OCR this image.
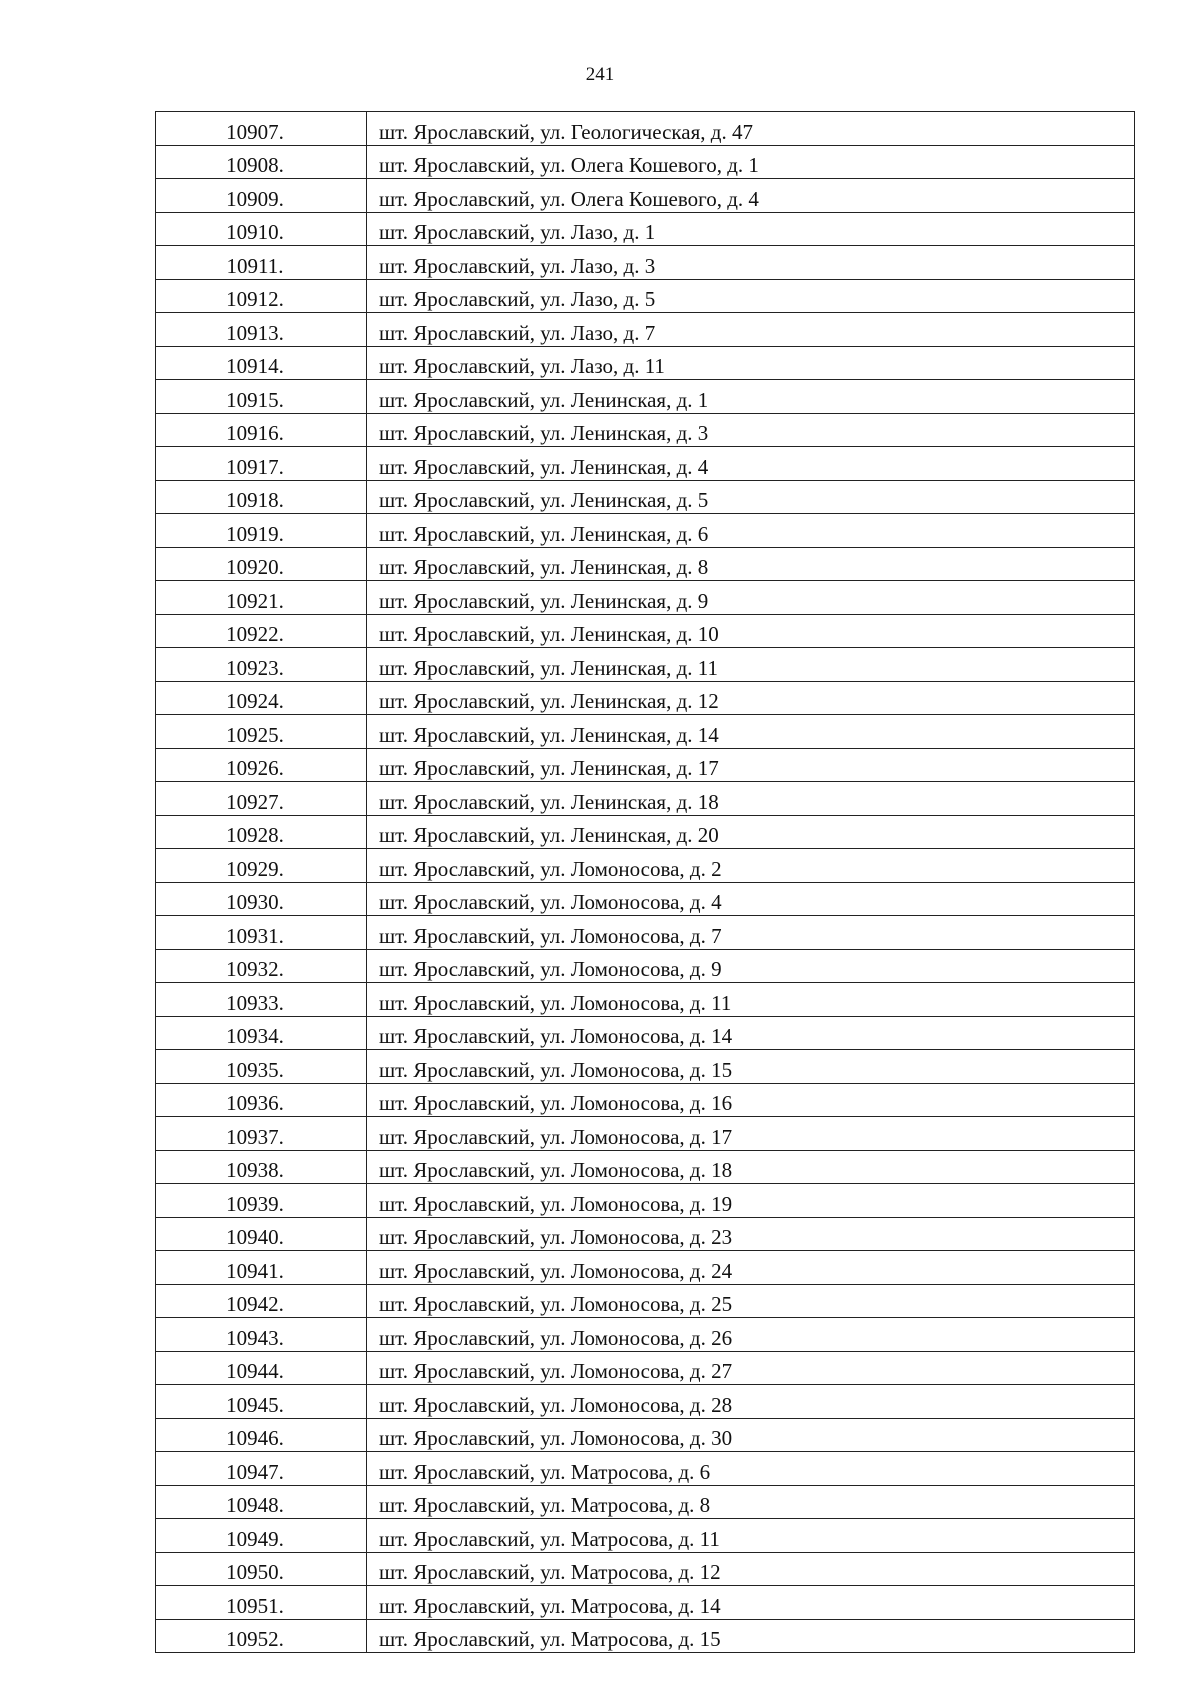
241
10907.	шт. Ярославский, ул. Геологическая, д. 47
10908.	шт. Ярославский, ул. Олега Кошевого, д. 1
10909.	шт. Ярославский, ул. Олега Кошевого, д. 4
10910.	шт. Ярославский, ул. Лазо, д. 1
10911.	шт. Ярославский, ул. Лазо, д. 3
10912.	шт. Ярославский, ул. Лазо, д. 5
10913.	шт. Ярославский, ул. Лазо, д. 7
10914.	шт. Ярославский, ул. Лазо, д. 11
10915.	шт. Ярославский, ул. Ленинская, д. 1
10916.	шт. Ярославский, ул. Ленинская, д. 3
10917.	шт. Ярославский, ул. Ленинская, д. 4
10918.	шт. Ярославский, ул. Ленинская, д. 5
10919.	шт. Ярославский, ул. Ленинская, д. 6
10920.	шт. Ярославский, ул. Ленинская, д. 8
10921.	шт. Ярославский, ул. Ленинская, д. 9
10922.	шт. Ярославский, ул. Ленинская, д. 10
10923.	шт. Ярославский, ул. Ленинская, д. 11
10924.	шт. Ярославский, ул. Ленинская, д. 12
10925.	шт. Ярославский, ул. Ленинская, д. 14
10926.	шт. Ярославский, ул. Ленинская, д. 17
10927.	шт. Ярославский, ул. Ленинская, д. 18
10928.	шт. Ярославский, ул. Ленинская, д. 20
10929.	шт. Ярославский, ул. Ломоносова, д. 2
10930.	шт. Ярославский, ул. Ломоносова, д. 4
10931.	шт. Ярославский, ул. Ломоносова, д. 7
10932.	шт. Ярославский, ул. Ломоносова, д. 9
10933.	шт. Ярославский, ул. Ломоносова, д. 11
10934.	шт. Ярославский, ул. Ломоносова, д. 14
10935.	шт. Ярославский, ул. Ломоносова, д. 15
10936.	шт. Ярославский, ул. Ломоносова, д. 16
10937.	шт. Ярославский, ул. Ломоносова, д. 17
10938.	шт. Ярославский, ул. Ломоносова, д. 18
10939.	шт. Ярославский, ул. Ломоносова, д. 19
10940.	шт. Ярославский, ул. Ломоносова, д. 23
10941.	шт. Ярославский, ул. Ломоносова, д. 24
10942.	шт. Ярославский, ул. Ломоносова, д. 25
10943.	шт. Ярославский, ул. Ломоносова, д. 26
10944.	шт. Ярославский, ул. Ломоносова, д. 27
10945.	шт. Ярославский, ул. Ломоносова, д. 28
10946.	шт. Ярославский, ул. Ломоносова, д. 30
10947.	шт. Ярославский, ул. Матросова, д. 6
10948.	шт. Ярославский, ул. Матросова, д. 8
10949.	шт. Ярославский, ул. Матросова, д. 11
10950.	шт. Ярославский, ул. Матросова, д. 12
10951.	шт. Ярославский, ул. Матросова, д. 14
10952.	шт. Ярославский, ул. Матросова, д. 15
